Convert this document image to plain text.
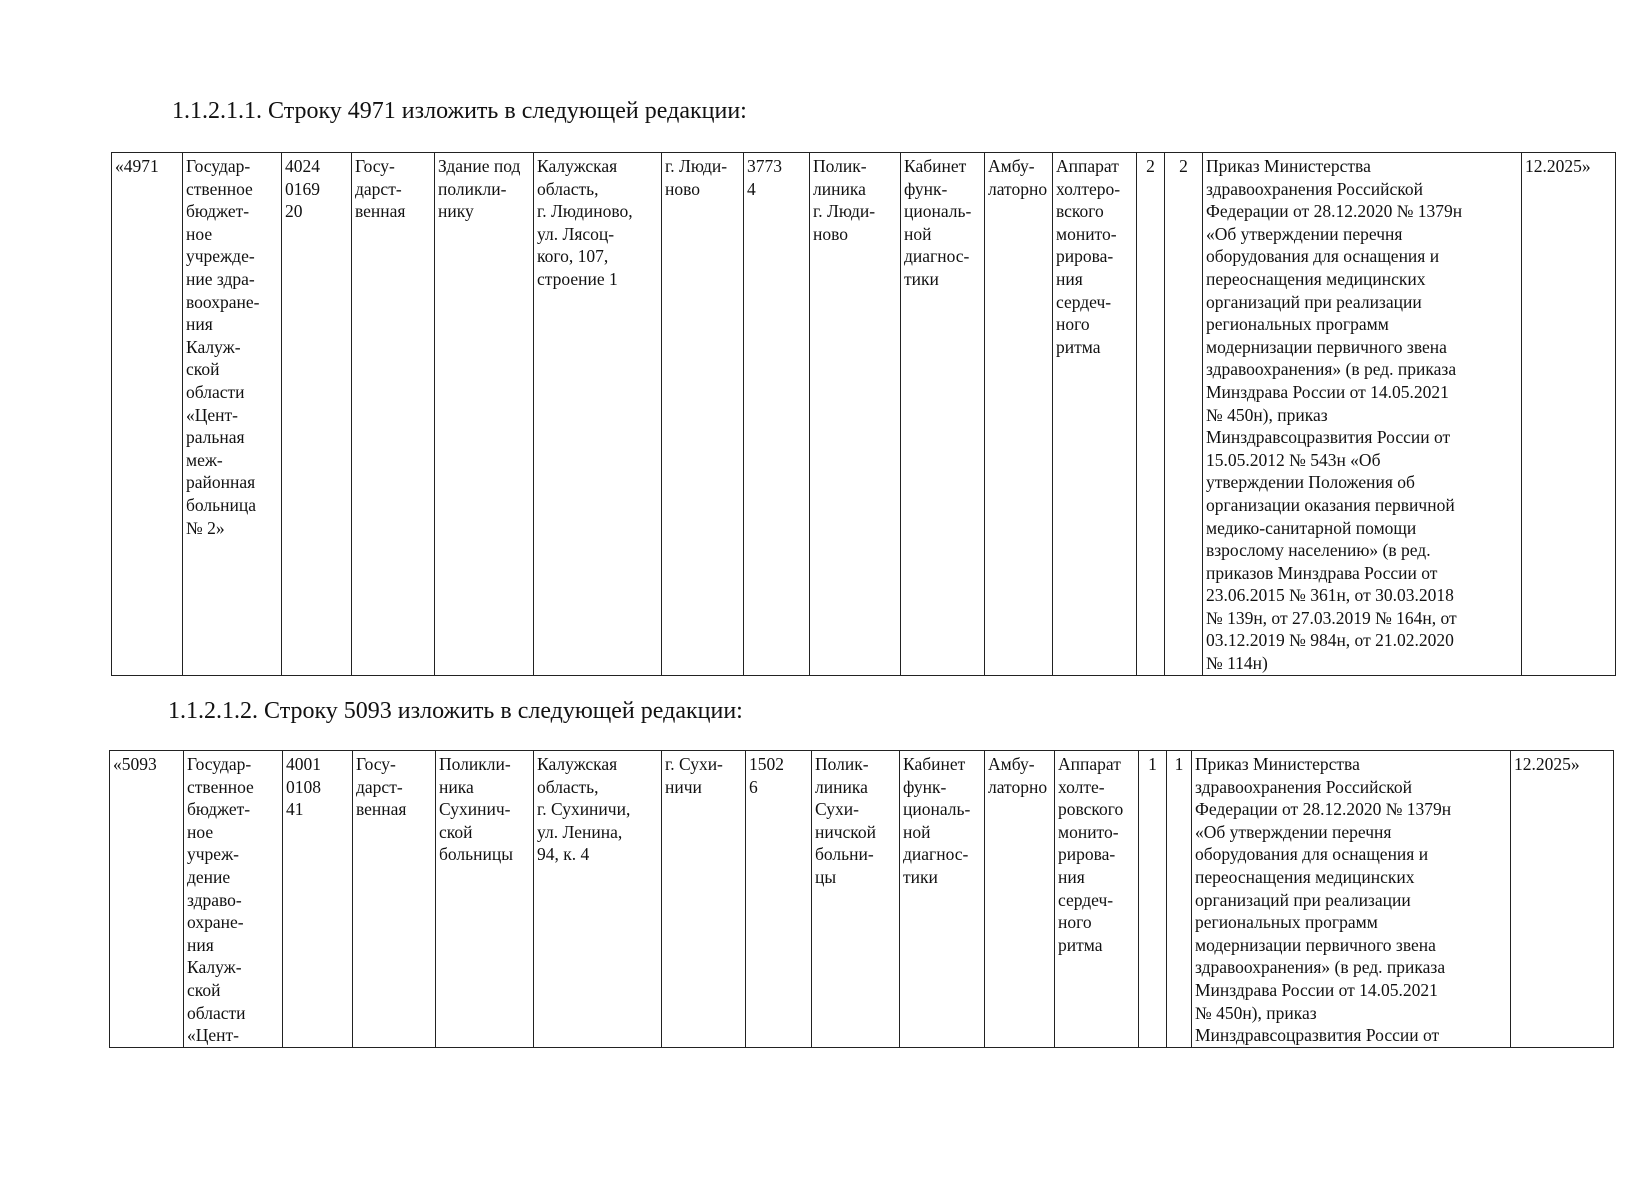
1.1.2.1.1. Строку 4971 изложить в следующей редакции:
«4971	Государ-
ственное
бюджет-
ное
учрежде-
ние здра-
воохране-
ния
Калуж-
ской
области
«Цент-
ральная
меж-
районная
больница
№ 2»	4024
0169
20	Госу-
дарст-
венная	Здание под
поликли-
нику	Калужская
область,
г. Людиново,
ул. Лясоц-
кого, 107,
строение 1	г. Люди-
ново	3773
4	Полик-
линика
г. Люди-
ново	Кабинет
функ-
циональ-
ной
диагнос-
тики	Амбу-
латорно	Аппарат
холтеро-
вского
монито-
рирова-
ния
сердеч-
ного
ритма	2	2	Приказ Министерства
здравоохранения Российской
Федерации от 28.12.2020 № 1379н
«Об утверждении перечня
оборудования для оснащения и
переоснащения медицинских
организаций при реализации
региональных программ
модернизации первичного звена
здравоохранения» (в ред. приказа
Минздрава России от 14.05.2021
№ 450н), приказ
Минздравсоцразвития России от
15.05.2012 № 543н «Об
утверждении Положения об
организации оказания первичной
медико-санитарной помощи
взрослому населению» (в ред.
приказов Минздрава России от
23.06.2015 № 361н, от 30.03.2018
№ 139н, от 27.03.2019 № 164н, от
03.12.2019 № 984н, от 21.02.2020
№ 114н)	12.2025»
1.1.2.1.2. Строку 5093 изложить в следующей редакции:
«5093	Государ-
ственное
бюджет-
ное
учреж-
дение
здраво-
охране-
ния
Калуж-
ской
области
«Цент-	4001
0108
41	Госу-
дарст-
венная	Поликли-
ника
Сухинич-
ской
больницы	Калужская
область,
г. Сухиничи,
ул. Ленина,
94, к. 4	г. Сухи-
ничи	1502
6	Полик-
линика
Сухи-
ничской
больни-
цы	Кабинет
функ-
циональ-
ной
диагнос-
тики	Амбу-
латорно	Аппарат
холте-
ровского
монито-
рирова-
ния
сердеч-
ного
ритма	1	1	Приказ Министерства
здравоохранения Российской
Федерации от 28.12.2020 № 1379н
«Об утверждении перечня
оборудования для оснащения и
переоснащения медицинских
организаций при реализации
региональных программ
модернизации первичного звена
здравоохранения» (в ред. приказа
Минздрава России от 14.05.2021
№ 450н), приказ
Минздравсоцразвития России от	12.2025»
